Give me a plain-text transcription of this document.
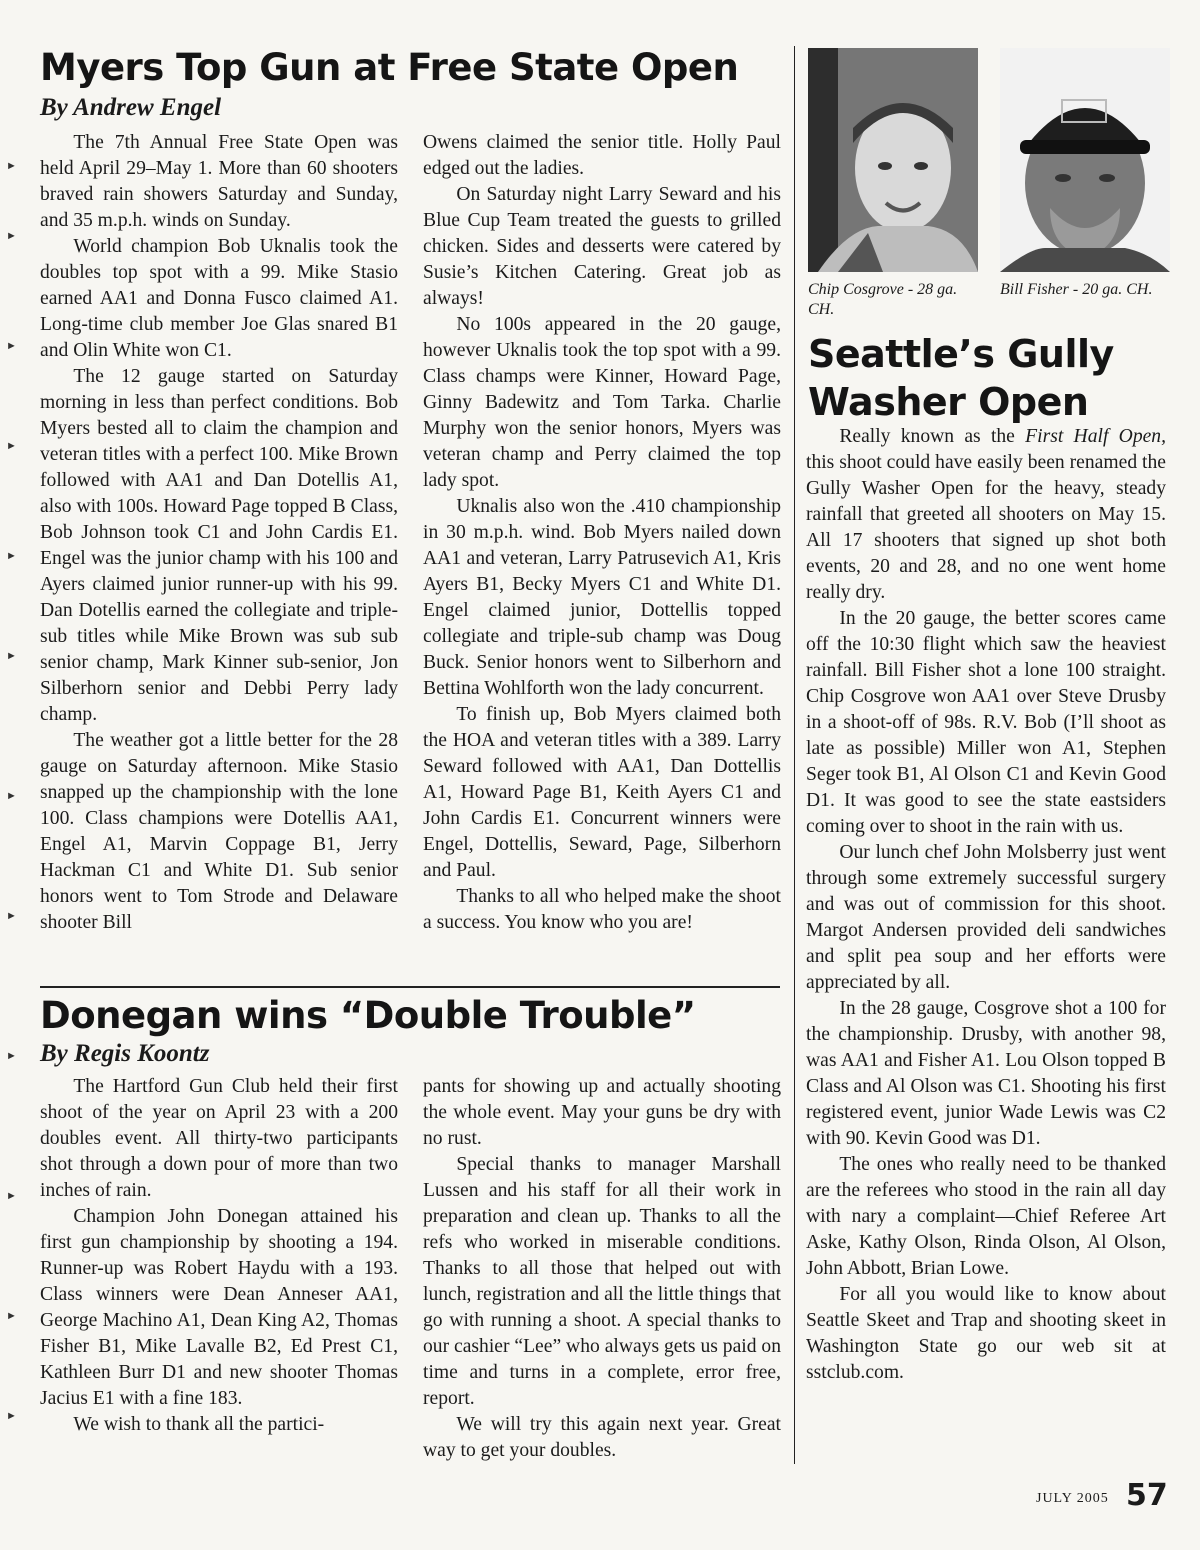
►
►
►
►
►
►
►
►
►
►
►
►
Myers Top Gun at Free State Open
By Andrew Engel

The 7th Annual Free State Open was held April 29–May 1. More than 60 shooters braved rain showers Saturday and Sunday, and 35 m.p.h. winds on Sunday.

World champion Bob Uknalis took the doubles top spot with a 99. Mike Stasio earned AA1 and Donna Fusco claimed A1. Long-time club member Joe Glas snared B1 and Olin White won C1.

The 12 gauge started on Saturday morning in less than perfect conditions. Bob Myers bested all to claim the champion and veteran titles with a perfect 100. Mike Brown followed with AA1 and Dan Dotellis A1, also with 100s. Howard Page topped B Class, Bob Johnson took C1 and John Cardis E1. Engel was the junior champ with his 100 and Ayers claimed junior runner-up with his 99. Dan Dotellis earned the collegiate and triple-sub titles while Mike Brown was sub sub senior champ, Mark Kinner sub-senior, Jon Silberhorn senior and Debbi Perry lady champ.

The weather got a little better for the 28 gauge on Saturday afternoon. Mike Stasio snapped up the championship with the lone 100. Class champions were Dotellis AA1, Engel A1, Marvin Coppage B1, Jerry Hackman C1 and White D1. Sub senior honors went to Tom Strode and Delaware shooter Bill

Owens claimed the senior title. Holly Paul edged out the ladies.

On Saturday night Larry Seward and his Blue Cup Team treated the guests to grilled chicken. Sides and desserts were catered by Susie’s Kitchen Catering. Great job as always!

No 100s appeared in the 20 gauge, however Uknalis took the top spot with a 99. Class champs were Kinner, Howard Page, Ginny Badewitz and Tom Tarka. Charlie Murphy won the senior honors, Myers was veteran champ and Perry claimed the top lady spot.

Uknalis also won the .410 championship in 30 m.p.h. wind. Bob Myers nailed down AA1 and veteran, Larry Patrusevich A1, Kris Ayers B1, Becky Myers C1 and White D1. Engel claimed junior, Dottellis topped collegiate and triple-sub champ was Doug Buck. Senior honors went to Silberhorn and Bettina Wohlforth won the lady concurrent.

To finish up, Bob Myers claimed both the HOA and veteran titles with a 389. Larry Seward followed with AA1, Dan Dottellis A1, Howard Page B1, Keith Ayers C1 and John Cardis E1. Concurrent winners were Engel, Dottellis, Seward, Page, Silberhorn and Paul.

Thanks to all who helped make the shoot a success. You know who you are!

Donegan wins “Double Trouble”
By Regis Koontz

The Hartford Gun Club held their first shoot of the year on April 23 with a 200 doubles event. All thirty-two participants shot through a down pour of more than two inches of rain.

Champion John Donegan attained his first gun championship by shooting a 194. Runner-up was Robert Haydu with a 193. Class winners were Dean Anneser AA1, George Machino A1, Dean King A2, Thomas Fisher B1, Mike Lavalle B2, Ed Prest C1, Kathleen Burr D1 and new shooter Thomas Jacius E1 with a fine 183.

We wish to thank all the partici-

pants for showing up and actually shooting the whole event. May your guns be dry with no rust.

Special thanks to manager Marshall Lussen and his staff for all their work in preparation and clean up. Thanks to all the refs who worked in miserable conditions. Thanks to all those that helped out with lunch, registration and all the little things that go with running a shoot. A special thanks to our cashier “Lee” who always gets us paid on time and turns in a complete, error free, report.

We will try this again next year. Great way to get your doubles.

Chip Cosgrove - 28 ga. CH.
Bill Fisher - 20 ga. CH.
Seattle’s Gully
Washer Open

Really known as the First Half Open, this shoot could have easily been renamed the Gully Washer Open for the heavy, steady rainfall that greeted all shooters on May 15. All 17 shooters that signed up shot both events, 20 and 28, and no one went home really dry.

In the 20 gauge, the better scores came off the 10:30 flight which saw the heaviest rainfall. Bill Fisher shot a lone 100 straight. Chip Cosgrove won AA1 over Steve Drusby in a shoot-off of 98s. R.V. Bob (I’ll shoot as late as possible) Miller won A1, Stephen Seger took B1, Al Olson C1 and Kevin Good D1. It was good to see the state eastsiders coming over to shoot in the rain with us.

Our lunch chef John Molsberry just went through some extremely successful surgery and was out of commission for this shoot. Margot Andersen provided deli sandwiches and split pea soup and her efforts were appreciated by all.

In the 28 gauge, Cosgrove shot a 100 for the championship. Drusby, with another 98, was AA1 and Fisher A1. Lou Olson topped B Class and Al Olson was C1. Shooting his first registered event, junior Wade Lewis was C2 with 90. Kevin Good was D1.

The ones who really need to be thanked are the referees who stood in the rain all day with nary a complaint—Chief Referee Art Aske, Kathy Olson, Rinda Olson, Al Olson, John Abbott, Brian Lowe.

For all you would like to know about Seattle Skeet and Trap and shooting skeet in Washington State go our web sit at sstclub.com.

JULY 2005 57
